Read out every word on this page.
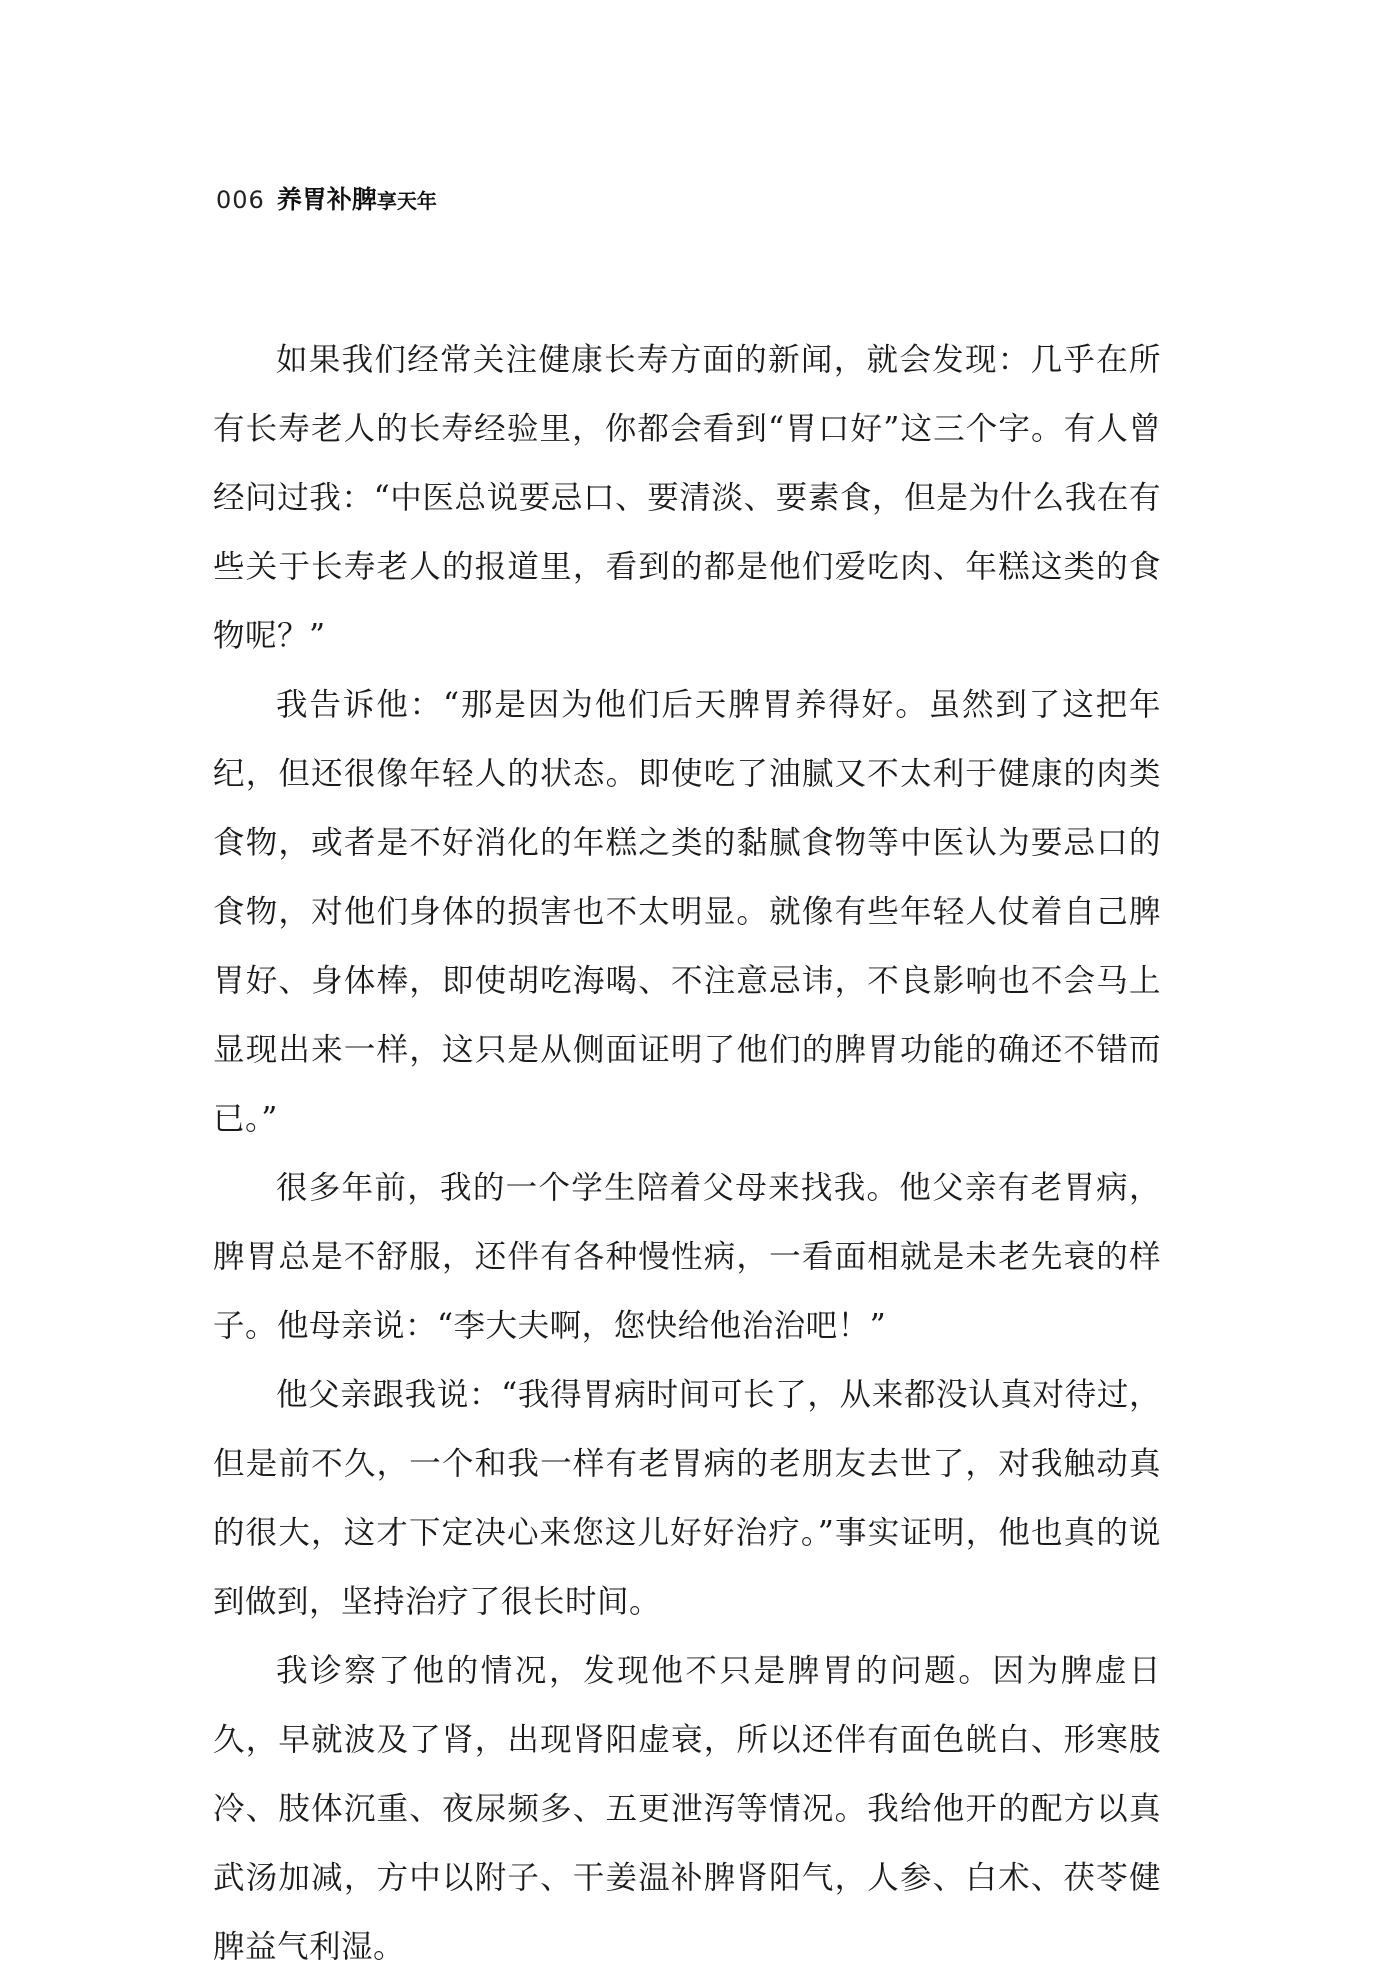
006 养胃补脾 享天年

如果我们经常关注健康长寿方面的新闻，就会发现：几乎在所有长寿老人的长寿经验里，你都会看到“胃口好”这三个字。有人曾经问过我：“中医总说要忌口、要清淡、要素食，但是为什么我在有些关于长寿老人的报道里，看到的都是他们爱吃肉、年糕这类的食物呢？”

我告诉他：“那是因为他们后天脾胃养得好。虽然到了这把年纪，但还很像年轻人的状态。即使吃了油腻又不太利于健康的肉类食物，或者是不好消化的年糕之类的黏腻食物等中医认为要忌口的食物，对他们身体的损害也不太明显。就像有些年轻人仗着自己脾胃好、身体棒，即使胡吃海喝、不注意忌讳，不良影响也不会马上显现出来一样，这只是从侧面证明了他们的脾胃功能的确还不错而已。”

很多年前，我的一个学生陪着父母来找我。他父亲有老胃病，脾胃总是不舒服，还伴有各种慢性病，一看面相就是未老先衰的样子。他母亲说：“李大夫啊，您快给他治治吧！”

他父亲跟我说：“我得胃病时间可长了，从来都没认真对待过，但是前不久，一个和我一样有老胃病的老朋友去世了，对我触动真的很大，这才下定决心来您这儿好好治疗。”事实证明，他也真的说到做到，坚持治疗了很长时间。

我诊察了他的情况，发现他不只是脾胃的问题。因为脾虚日久，早就波及了肾，出现肾阳虚衰，所以还伴有面色㿠白、形寒肢冷、肢体沉重、夜尿频多、五更泄泻等情况。我给他开的配方以真武汤加减，方中以附子、干姜温补脾肾阳气，人参、白术、茯苓健脾益气利湿。
